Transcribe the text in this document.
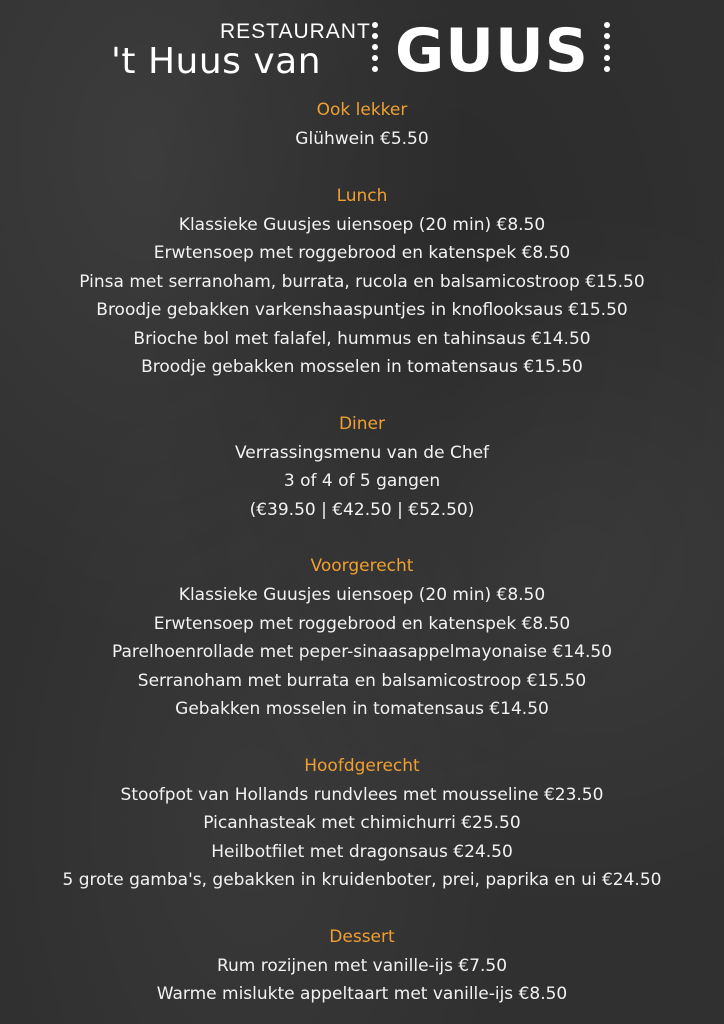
RESTAURANT
't Huus van GUUS
Ook lekker
Glühwein €5.50
Lunch
Klassieke Guusjes uiensoep (20 min) €8.50
Erwtensoep met roggebrood en katenspek €8.50
Pinsa met serranoham, burrata, rucola en balsamicostroop €15.50
Broodje gebakken varkenshaaspuntjes in knoflooksaus €15.50
Brioche bol met falafel, hummus en tahinsaus €14.50
Broodje gebakken mosselen in tomatensaus €15.50
Diner
Verrassingsmenu van de Chef
3 of 4 of 5 gangen
(€39.50 | €42.50 | €52.50)
Voorgerecht
Klassieke Guusjes uiensoep (20 min) €8.50
Erwtensoep met roggebrood en katenspek €8.50
Parelhoenrollade met peper-sinaasappelmayonaise €14.50
Serranoham met burrata en balsamicostroop €15.50
Gebakken mosselen in tomatensaus €14.50
Hoofdgerecht
Stoofpot van Hollands rundvlees met mousseline €23.50
Picanhasteak met chimichurri €25.50
Heilbotfilet met dragonsaus €24.50
5 grote gamba's, gebakken in kruidenboter, prei, paprika en ui €24.50
Dessert
Rum rozijnen met vanille-ijs €7.50
Warme mislukte appeltaart met vanille-ijs €8.50
